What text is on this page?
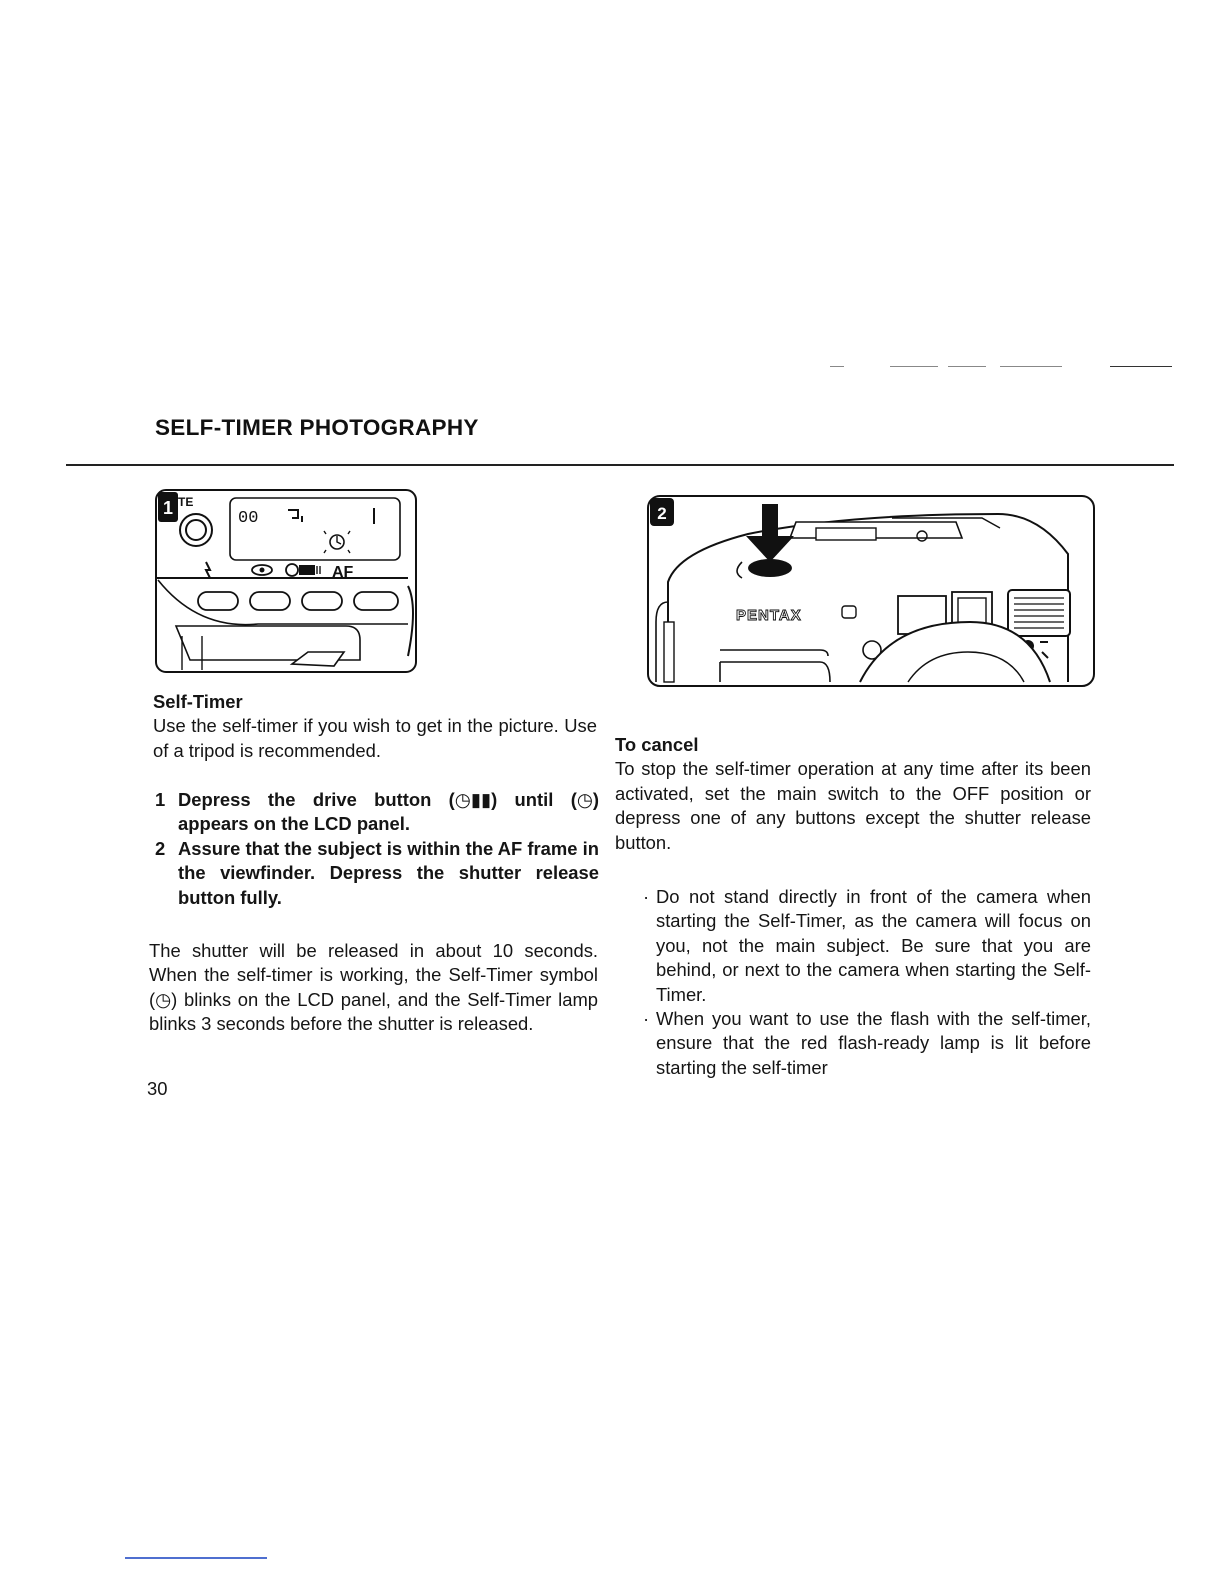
SELF-TIMER PHOTOGRAPHY
1 TE
00
AF
2
PENTAX

Self-Timer

Use the self-timer if you wish to get in the picture. Use of a tripod is recommended.

1 Depress the drive button (◷▮▮) until (◷) appears on the LCD panel.
2 Assure that the subject is within the AF frame in the viewfinder. Depress the shutter release button fully.

The shutter will be released in about 10 seconds. When the self-timer is working, the Self-Timer symbol (◷) blinks on the LCD panel, and the Self-Timer lamp blinks 3 seconds before the shutter is released.

30

To cancel

To stop the self-timer operation at any time after its been activated, set the main switch to the OFF position or depress one of any buttons except the shutter release button.

· Do not stand directly in front of the camera when starting the Self-Timer, as the camera will focus on you, not the main subject. Be sure that you are behind, or next to the camera when starting the Self-Timer.
· When you want to use the flash with the self-timer, ensure that the red flash-ready lamp is lit before starting the self-timer
